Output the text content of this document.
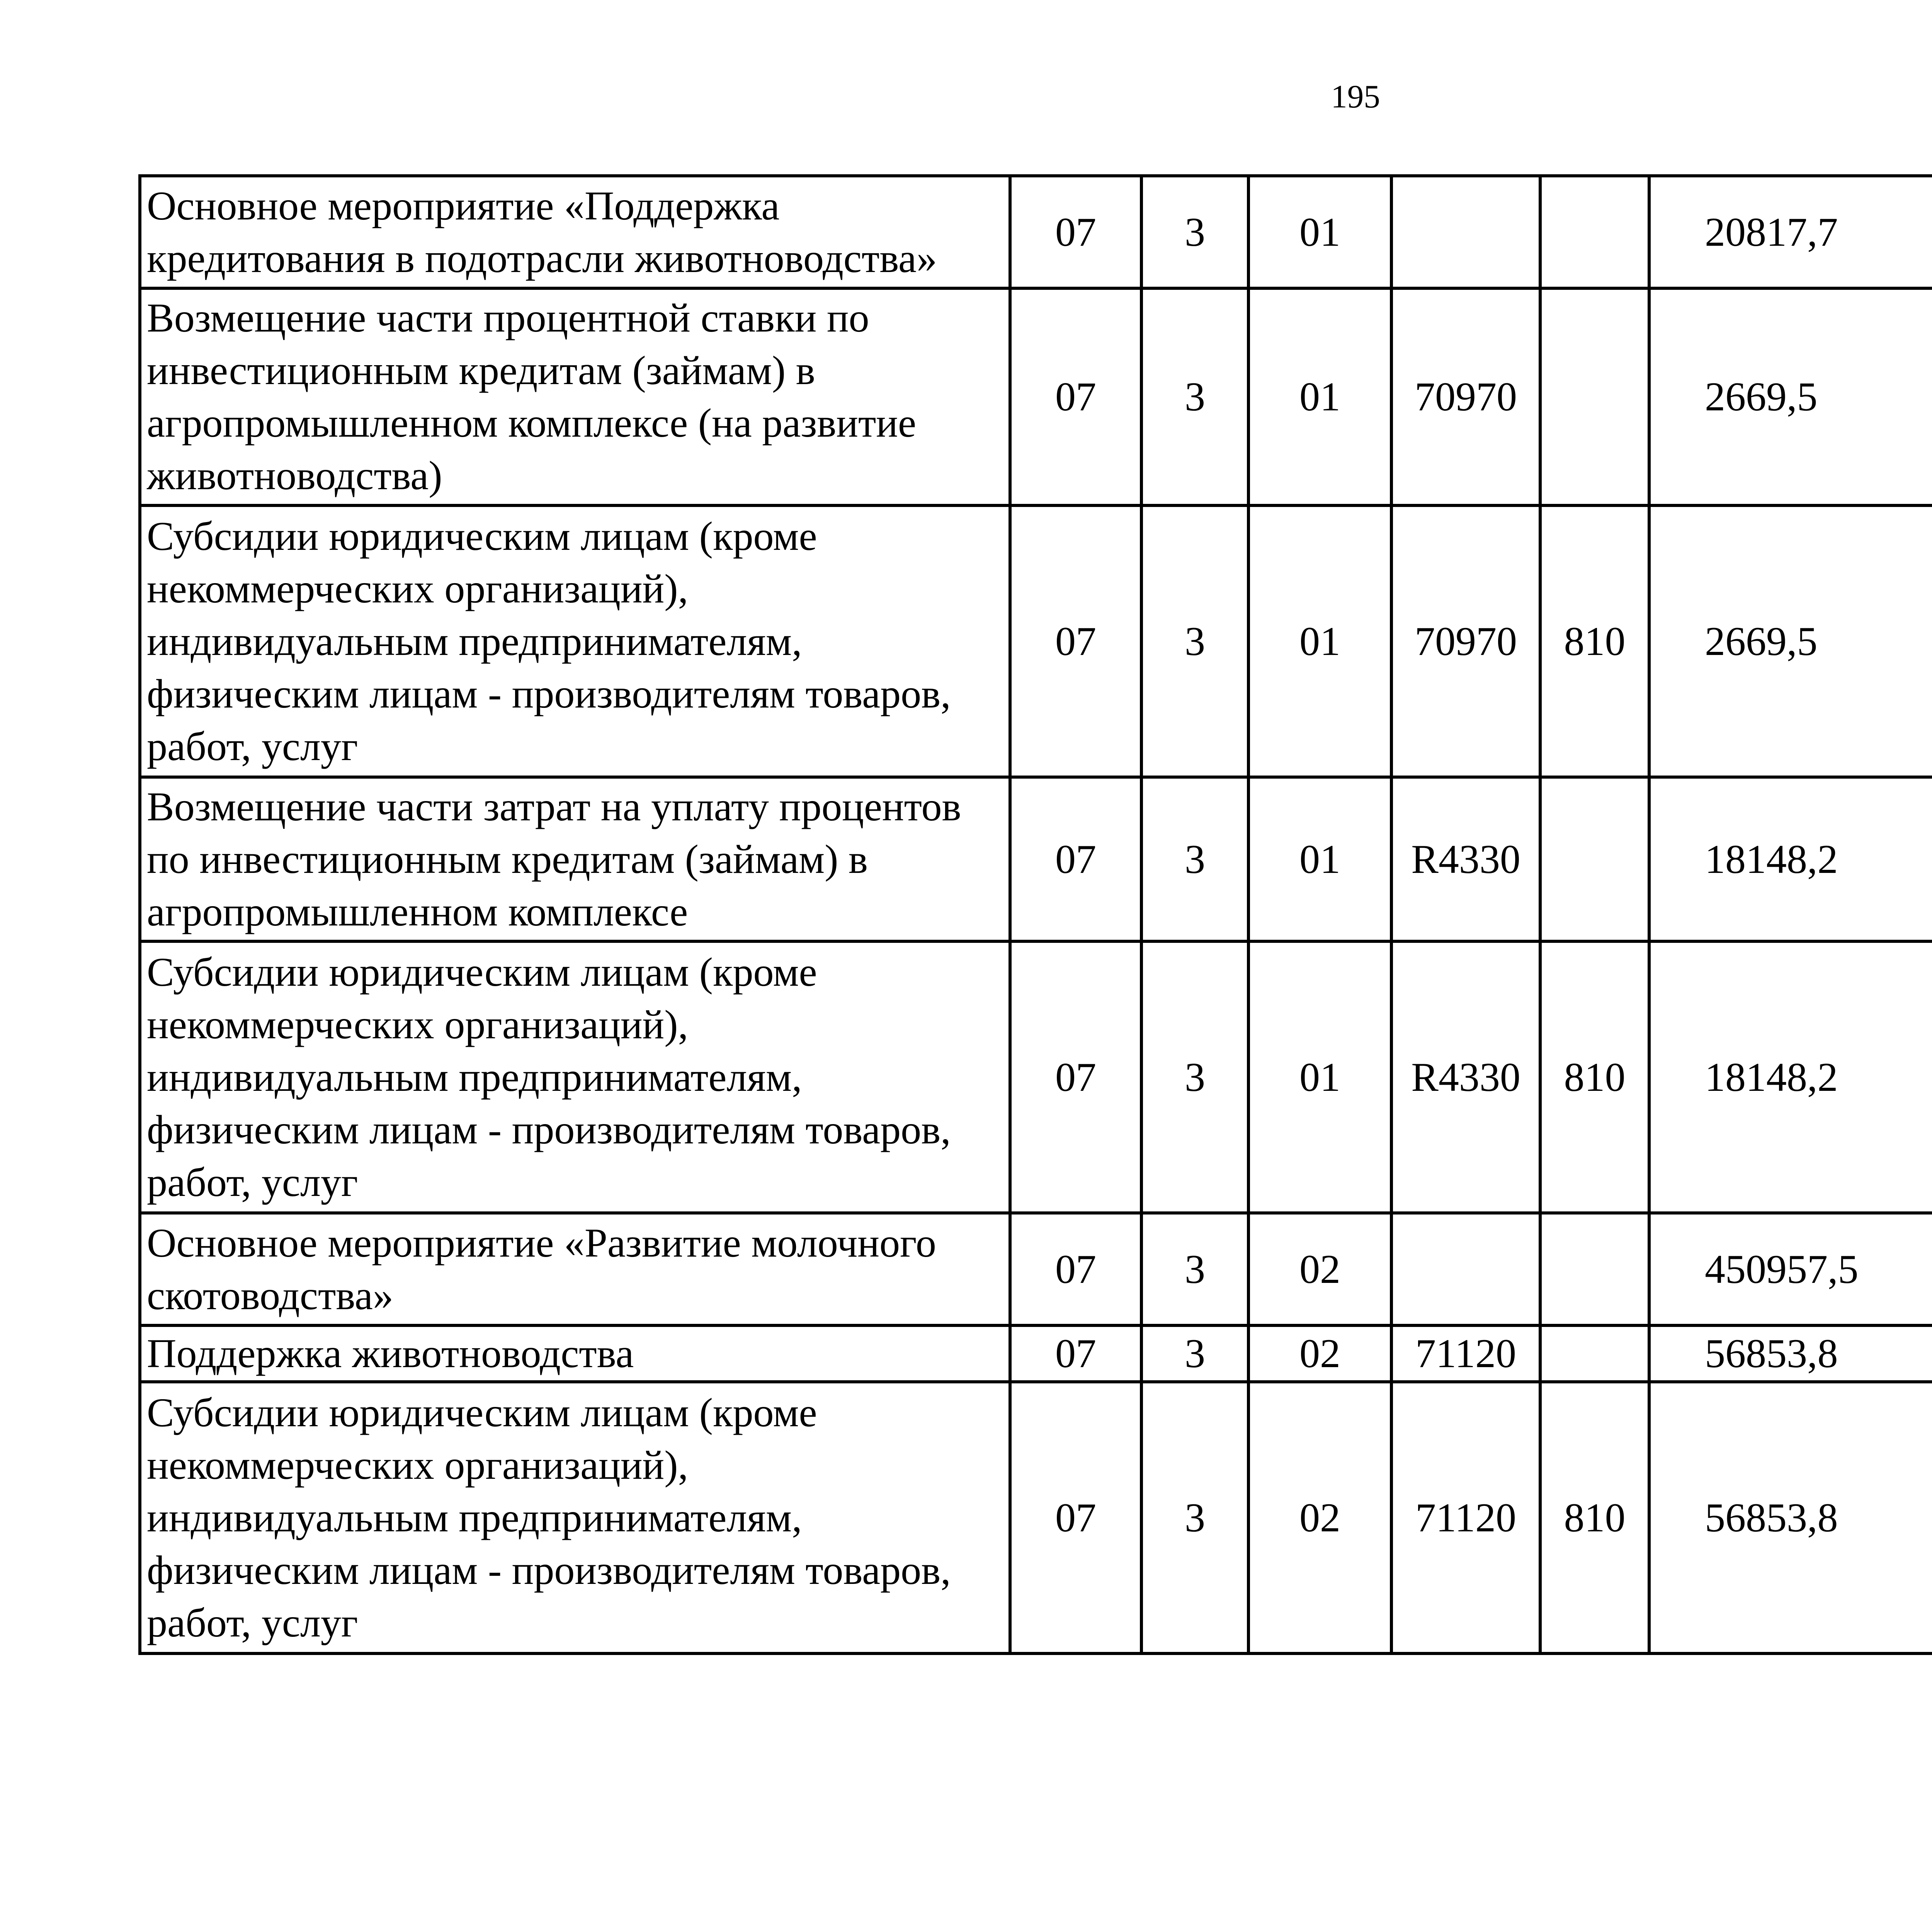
195
Основное мероприятие «Поддержка кредитования в подотрасли животноводства»	07	3	01			20817,7		
Возмещение части процентной ставки по инвестиционным кредитам (займам) в агропромышленном комплексе (на развитие животноводства)	07	3	01	70970		2669,5		
Субсидии юридическим лицам (кроме некоммерческих организаций), индивидуальным предпринимателям, физическим лицам - производителям товаров, работ, услуг	07	3	01	70970	810	2669,5		
Возмещение части затрат на уплату процентов по инвестиционным кредитам (займам) в агропромышленном комплексе	07	3	01	R4330		18148,2		
Субсидии юридическим лицам (кроме некоммерческих организаций), индивидуальным предпринимателям, физическим лицам - производителям товаров, работ, услуг	07	3	01	R4330	810	18148,2		
Основное мероприятие «Развитие молочного скотоводства»	07	3	02			450957,5		
Поддержка животноводства	07	3	02	71120		56853,8		
Субсидии юридическим лицам (кроме некоммерческих организаций), индивидуальным предпринимателям, физическим лицам - производителям товаров, работ, услуг	07	3	02	71120	810	56853,8		
